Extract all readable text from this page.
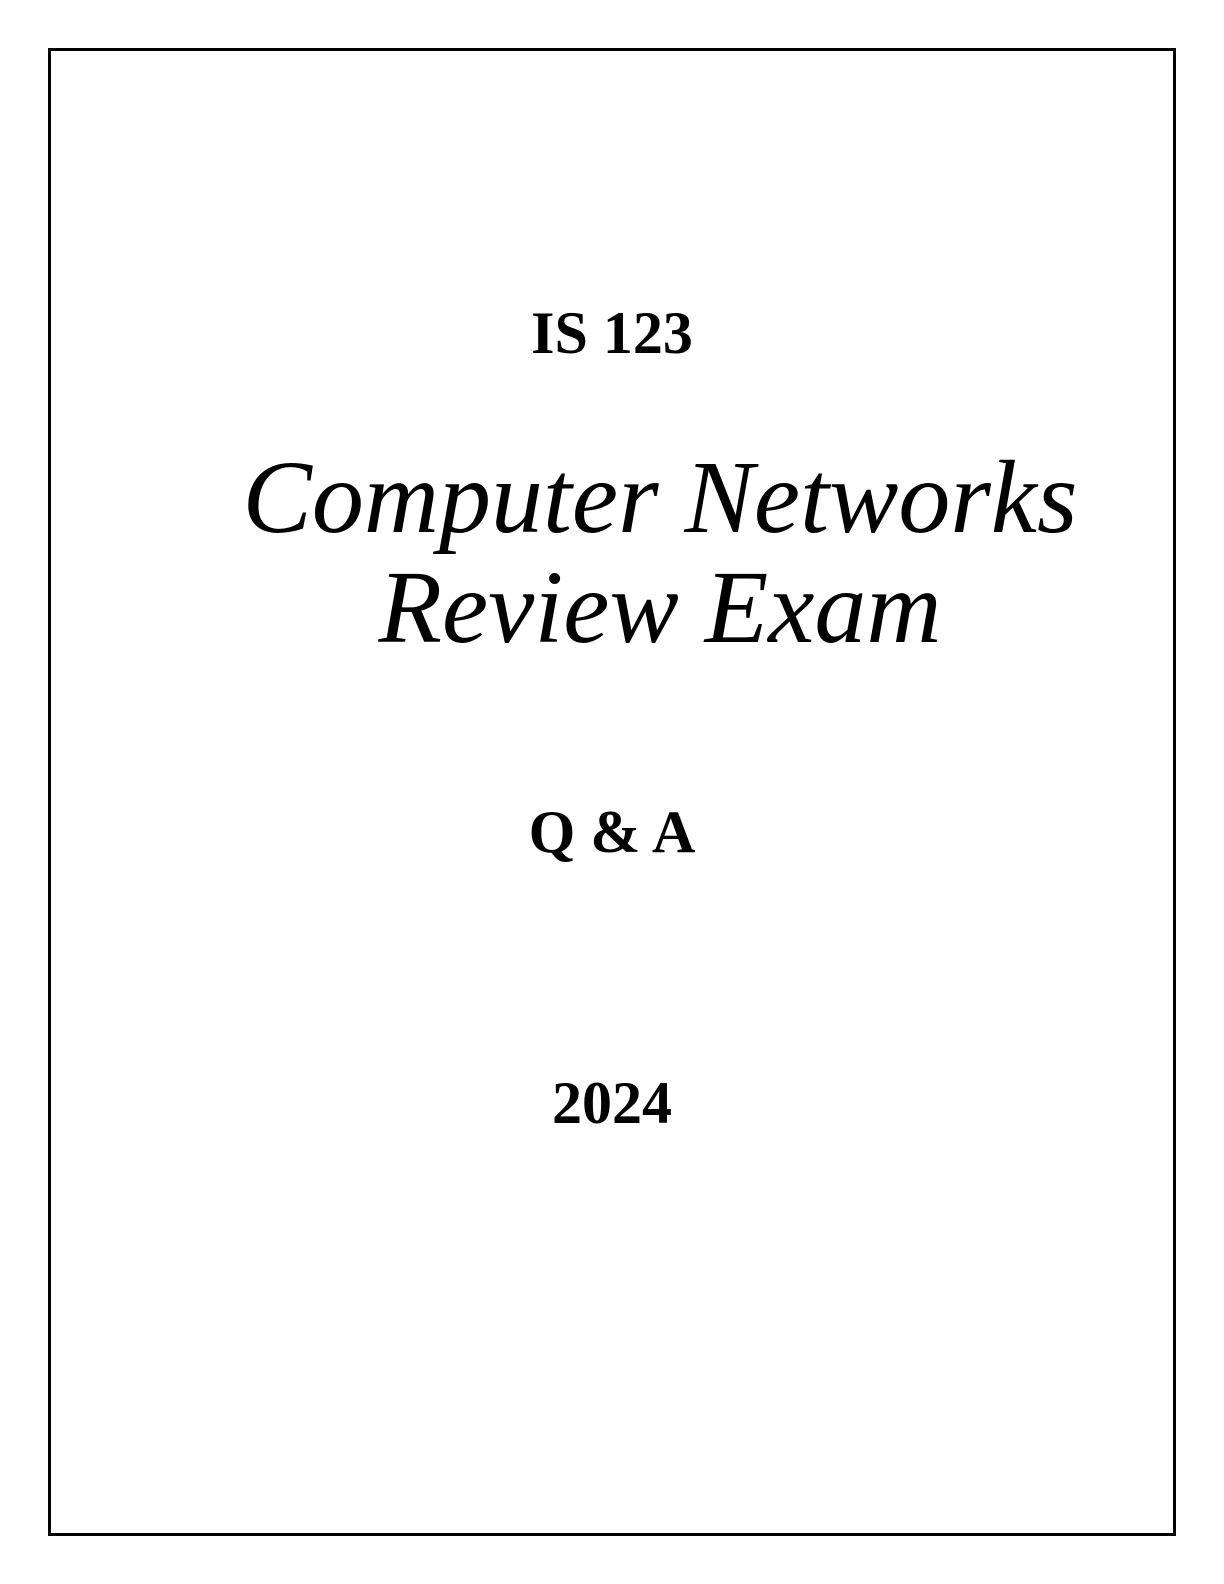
IS 123
Computer Networks
Review Exam
Q & A
2024
